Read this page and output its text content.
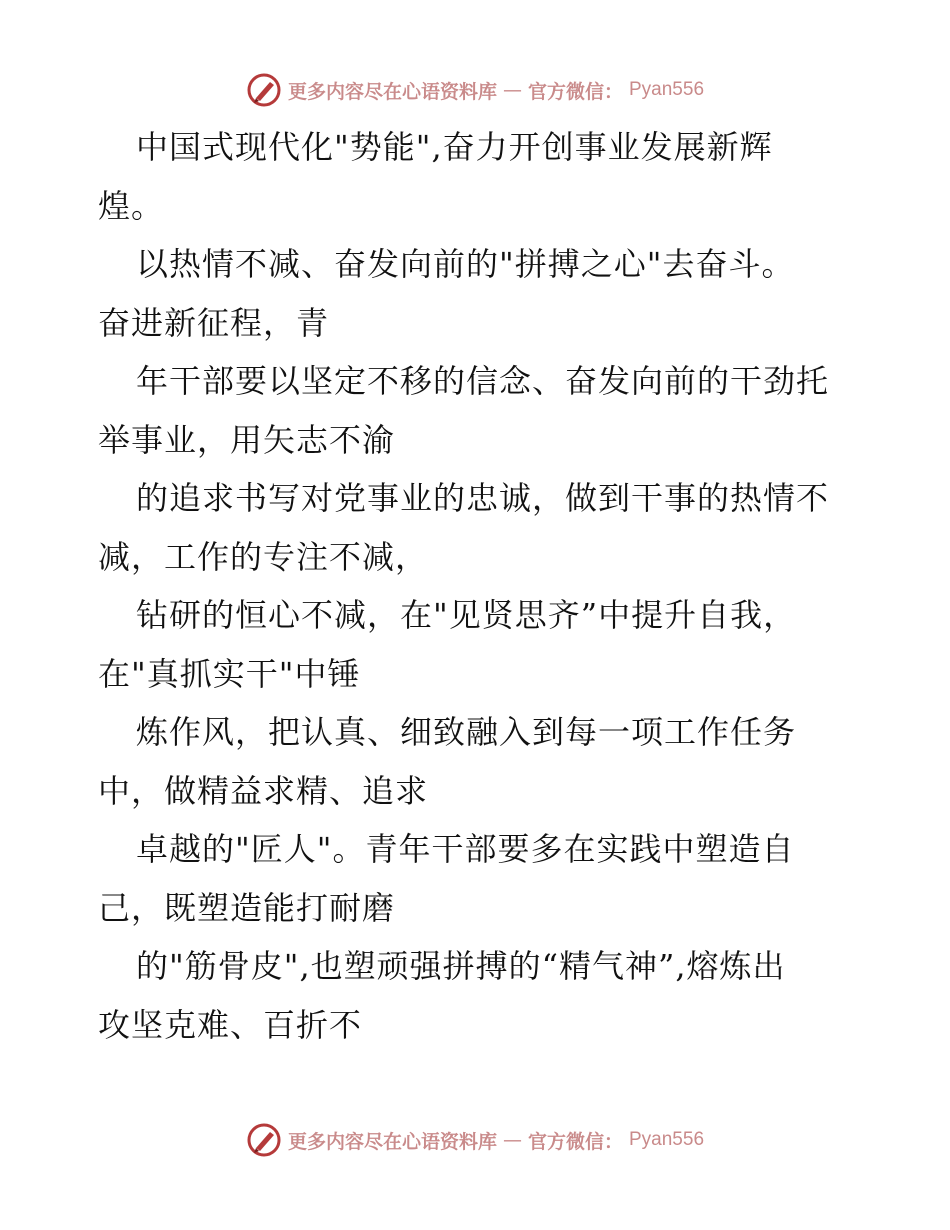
更多内容尽在心语资料库 — 官方微信： Pyan556
中国式现代化"势能",奋力开创事业发展新辉
煌。
以热情不减、奋发向前的"拼搏之心"去奋斗。
奋进新征程，青
年干部要以坚定不移的信念、奋发向前的干劲托
举事业，用矢志不渝
的追求书写对党事业的忠诚，做到干事的热情不
减，工作的专注不减，
钻研的恒心不减，在"见贤思齐”中提升自我，
在"真抓实干"中锤
炼作风，把认真、细致融入到每一项工作任务
中，做精益求精、追求
卓越的"匠人"。青年干部要多在实践中塑造自
己，既塑造能打耐磨
的"筋骨皮",也塑顽强拼搏的“精气神”,熔炼出
攻坚克难、百折不
更多内容尽在心语资料库 — 官方微信： Pyan556
